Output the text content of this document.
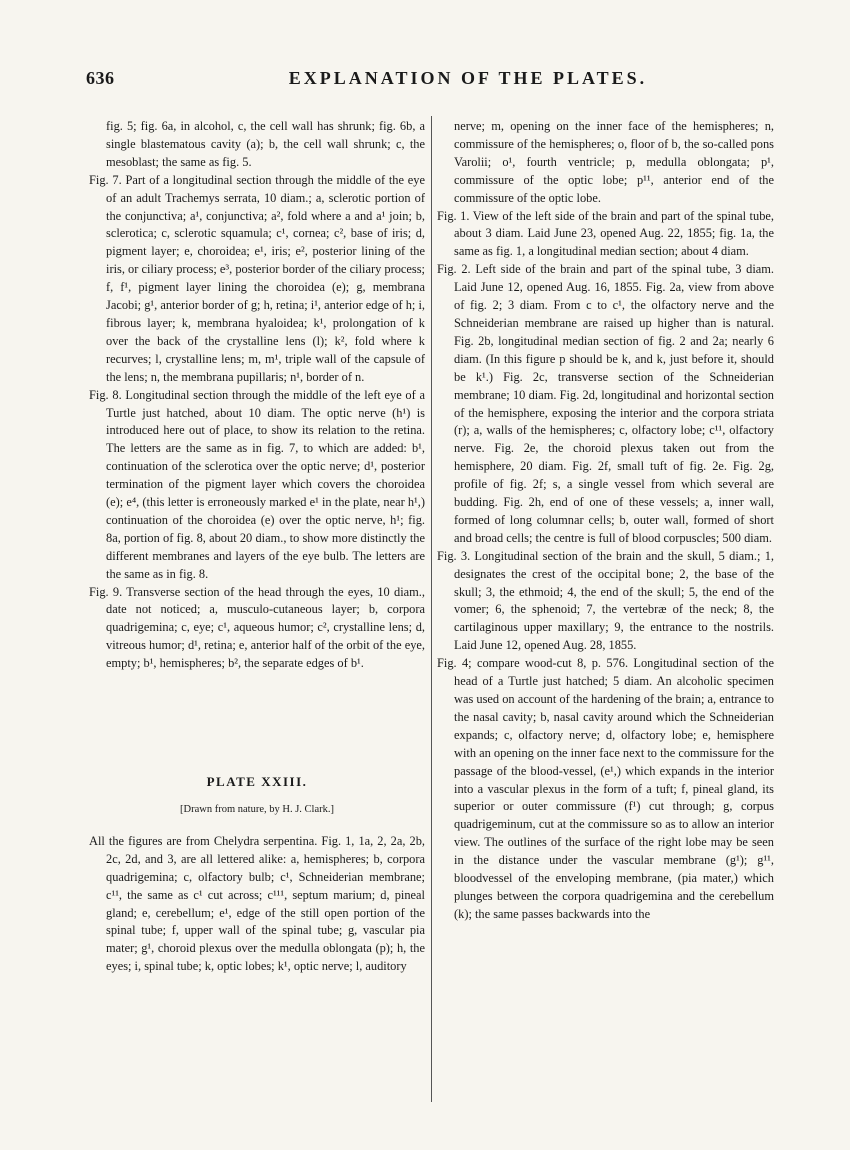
636	EXPLANATION OF THE PLATES.

fig. 5; fig. 6a, in alcohol, c, the cell wall has shrunk; fig. 6b, a single blastematous cavity (a); b, the cell wall shrunk; c, the mesoblast; the same as fig. 5.

Fig. 7. Part of a longitudinal section through the middle of the eye of an adult Trachemys serrata, 10 diam.; a, sclerotic portion of the conjunctiva; a¹, conjunctiva; a², fold where a and a¹ join; b, sclerotica; c, sclerotic squamula; c¹, cornea; c², base of iris; d, pigment layer; e, choroidea; e¹, iris; e², posterior lining of the iris, or ciliary process; e³, posterior border of the ciliary process; f, f¹, pigment layer lining the choroidea (e); g, membrana Jacobi; g¹, anterior border of g; h, retina; i¹, anterior edge of h; i, fibrous layer; k, membrana hyaloidea; k¹, prolongation of k over the back of the crystalline lens (l); k², fold where k recurves; l, crystalline lens; m, m¹, triple wall of the capsule of the lens; n, the membrana pupillaris; n¹, border of n.

Fig. 8. Longitudinal section through the middle of the left eye of a Turtle just hatched, about 10 diam. The optic nerve (h¹) is introduced here out of place, to show its relation to the retina. The letters are the same as in fig. 7, to which are added: b¹, continuation of the sclerotica over the optic nerve; d¹, posterior termination of the pigment layer which covers the choroidea (e); e⁴, (this letter is erroneously marked e¹ in the plate, near h¹,) continuation of the choroidea (e) over the optic nerve, h¹; fig. 8a, portion of fig. 8, about 20 diam., to show more distinctly the different membranes and layers of the eye bulb. The letters are the same as in fig. 8.

Fig. 9. Transverse section of the head through the eyes, 10 diam., date not noticed; a, musculo-cutaneous layer; b, corpora quadrigemina; c, eye; c¹, aqueous humor; c², crystalline lens; d, vitreous humor; d¹, retina; e, anterior half of the orbit of the eye, empty; b¹, hemispheres; b², the separate edges of b¹.

PLATE XXIII.
[Drawn from nature, by H. J. Clark.]

All the figures are from Chelydra serpentina. Fig. 1, 1a, 2, 2a, 2b, 2c, 2d, and 3, are all lettered alike: a, hemispheres; b, corpora quadrigemina; c, olfactory bulb; c¹, Schneiderian membrane; c¹¹, the same as c¹ cut across; c¹¹¹, septum marium; d, pineal gland; e, cerebellum; e¹, edge of the still open portion of the spinal tube; f, upper wall of the spinal tube; g, vascular pia mater; g¹, choroid plexus over the medulla oblongata (p); h, the eyes; i, spinal tube; k, optic lobes; k¹, optic nerve; l, auditory

nerve; m, opening on the inner face of the hemispheres; n, commissure of the hemispheres; o, floor of b, the so-called pons Varolii; o¹, fourth ventricle; p, medulla oblongata; p¹, commissure of the optic lobe; p¹¹, anterior end of the commissure of the optic lobe.

Fig. 1. View of the left side of the brain and part of the spinal tube, about 3 diam. Laid June 23, opened Aug. 22, 1855; fig. 1a, the same as fig. 1, a longitudinal median section; about 4 diam.

Fig. 2. Left side of the brain and part of the spinal tube, 3 diam. Laid June 12, opened Aug. 16, 1855. Fig. 2a, view from above of fig. 2; 3 diam. From c to c¹, the olfactory nerve and the Schneiderian membrane are raised up higher than is natural. Fig. 2b, longitudinal median section of fig. 2 and 2a; nearly 6 diam. (In this figure p should be k, and k, just before it, should be k¹.) Fig. 2c, transverse section of the Schneiderian membrane; 10 diam. Fig. 2d, longitudinal and horizontal section of the hemisphere, exposing the interior and the corpora striata (r); a, walls of the hemispheres; c, olfactory lobe; c¹¹, olfactory nerve. Fig. 2e, the choroid plexus taken out from the hemisphere, 20 diam. Fig. 2f, small tuft of fig. 2e. Fig. 2g, profile of fig. 2f; s, a single vessel from which several are budding. Fig. 2h, end of one of these vessels; a, inner wall, formed of long columnar cells; b, outer wall, formed of short and broad cells; the centre is full of blood corpuscles; 500 diam.

Fig. 3. Longitudinal section of the brain and the skull, 5 diam.; 1, designates the crest of the occipital bone; 2, the base of the skull; 3, the ethmoid; 4, the end of the skull; 5, the end of the vomer; 6, the sphenoid; 7, the vertebræ of the neck; 8, the cartilaginous upper maxillary; 9, the entrance to the nostrils. Laid June 12, opened Aug. 28, 1855.

Fig. 4; compare wood-cut 8, p. 576. Longitudinal section of the head of a Turtle just hatched; 5 diam. An alcoholic specimen was used on account of the hardening of the brain; a, entrance to the nasal cavity; b, nasal cavity around which the Schneiderian expands; c, olfactory nerve; d, olfactory lobe; e, hemisphere with an opening on the inner face next to the commissure for the passage of the blood-vessel, (e¹,) which expands in the interior into a vascular plexus in the form of a tuft; f, pineal gland, its superior or outer commissure (f¹) cut through; g, corpus quadrigeminum, cut at the commissure so as to allow an interior view. The outlines of the surface of the right lobe may be seen in the distance under the vascular membrane (g¹); g¹¹, bloodvessel of the enveloping membrane, (pia mater,) which plunges between the corpora quadrigemina and the cerebellum (k); the same passes backwards into the
